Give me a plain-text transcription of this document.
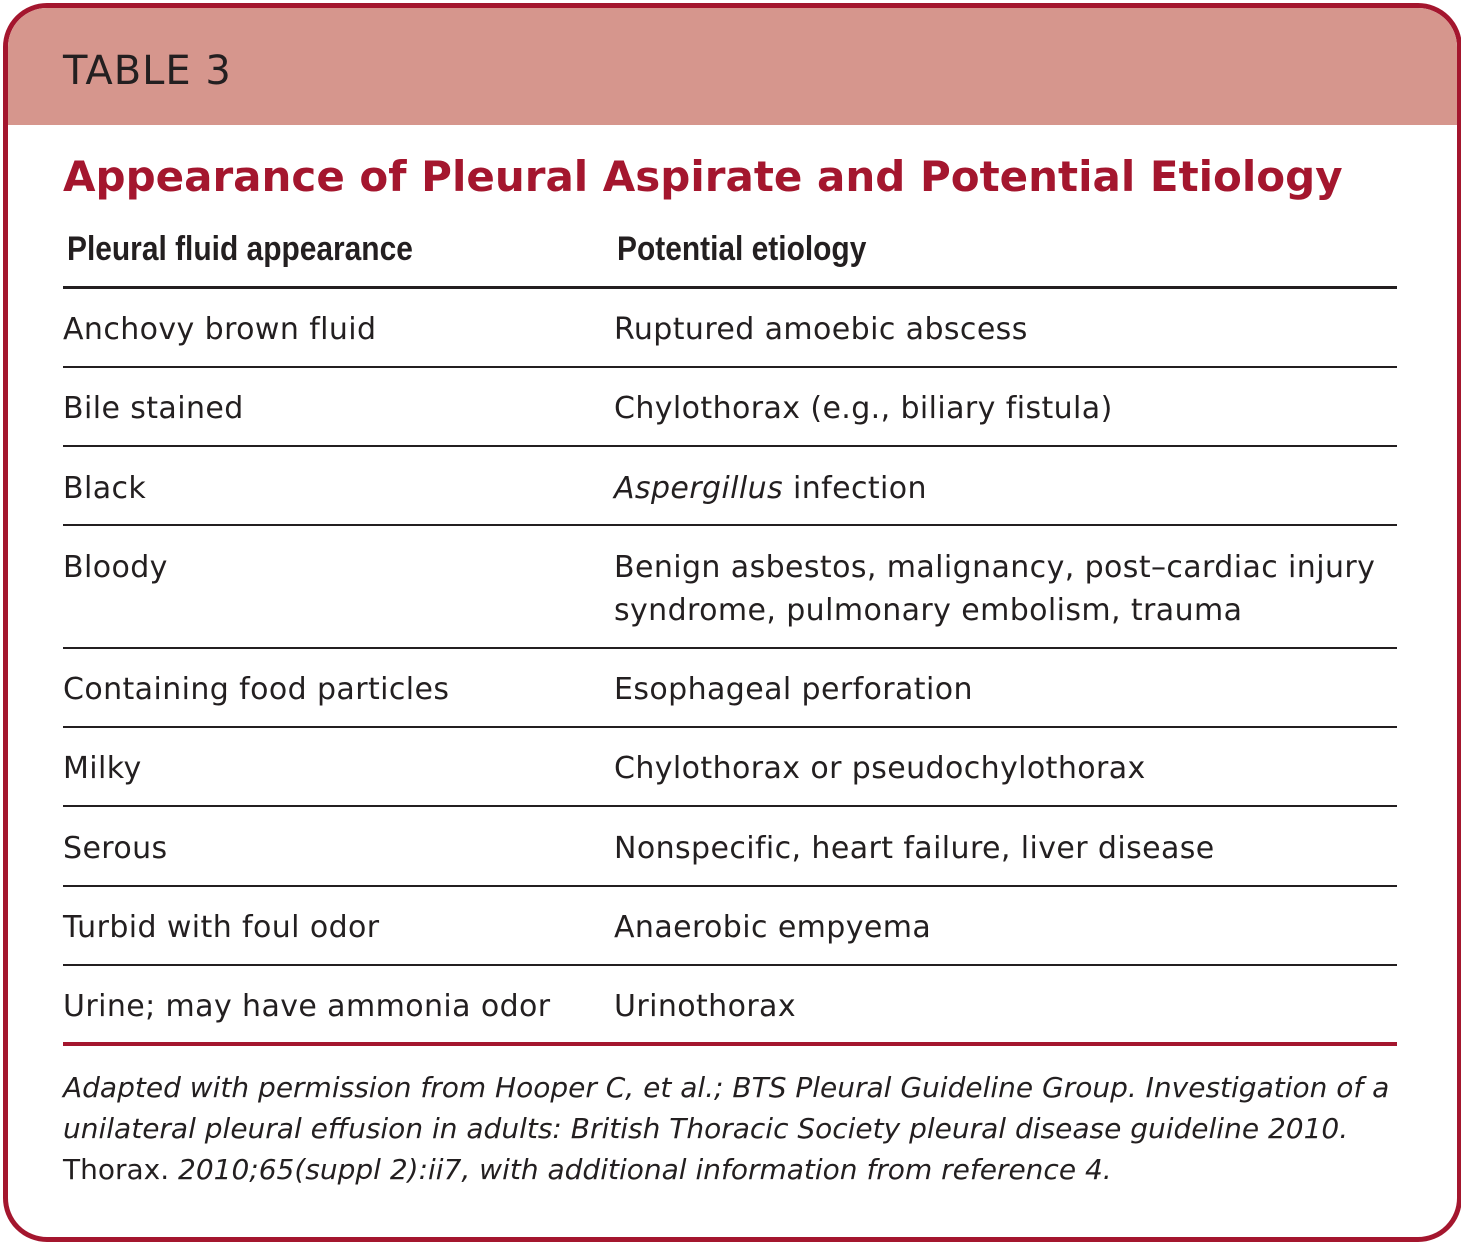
TABLE 3
Appearance of Pleural Aspirate and Potential Etiology
Pleural fluid appearance	Potential etiology
Anchovy brown fluid	Ruptured amoebic abscess
Bile stained	Chylothorax (e.g., biliary fistula)
Black	Aspergillus infection
Bloody	Benign asbestos, malignancy, post–cardiac injury syndrome, pulmonary embolism, trauma
Containing food particles	Esophageal perforation
Milky	Chylothorax or pseudochylothorax
Serous	Nonspecific, heart failure, liver disease
Turbid with foul odor	Anaerobic empyema
Urine; may have ammonia odor	Urinothorax
Adapted with permission from Hooper C, et al.; BTS Pleural Guideline Group. Investigation of a unilateral pleural effusion in adults: British Thoracic Society pleural disease guideline 2010. Thorax. 2010;65(suppl 2):ii7, with additional information from reference 4.
